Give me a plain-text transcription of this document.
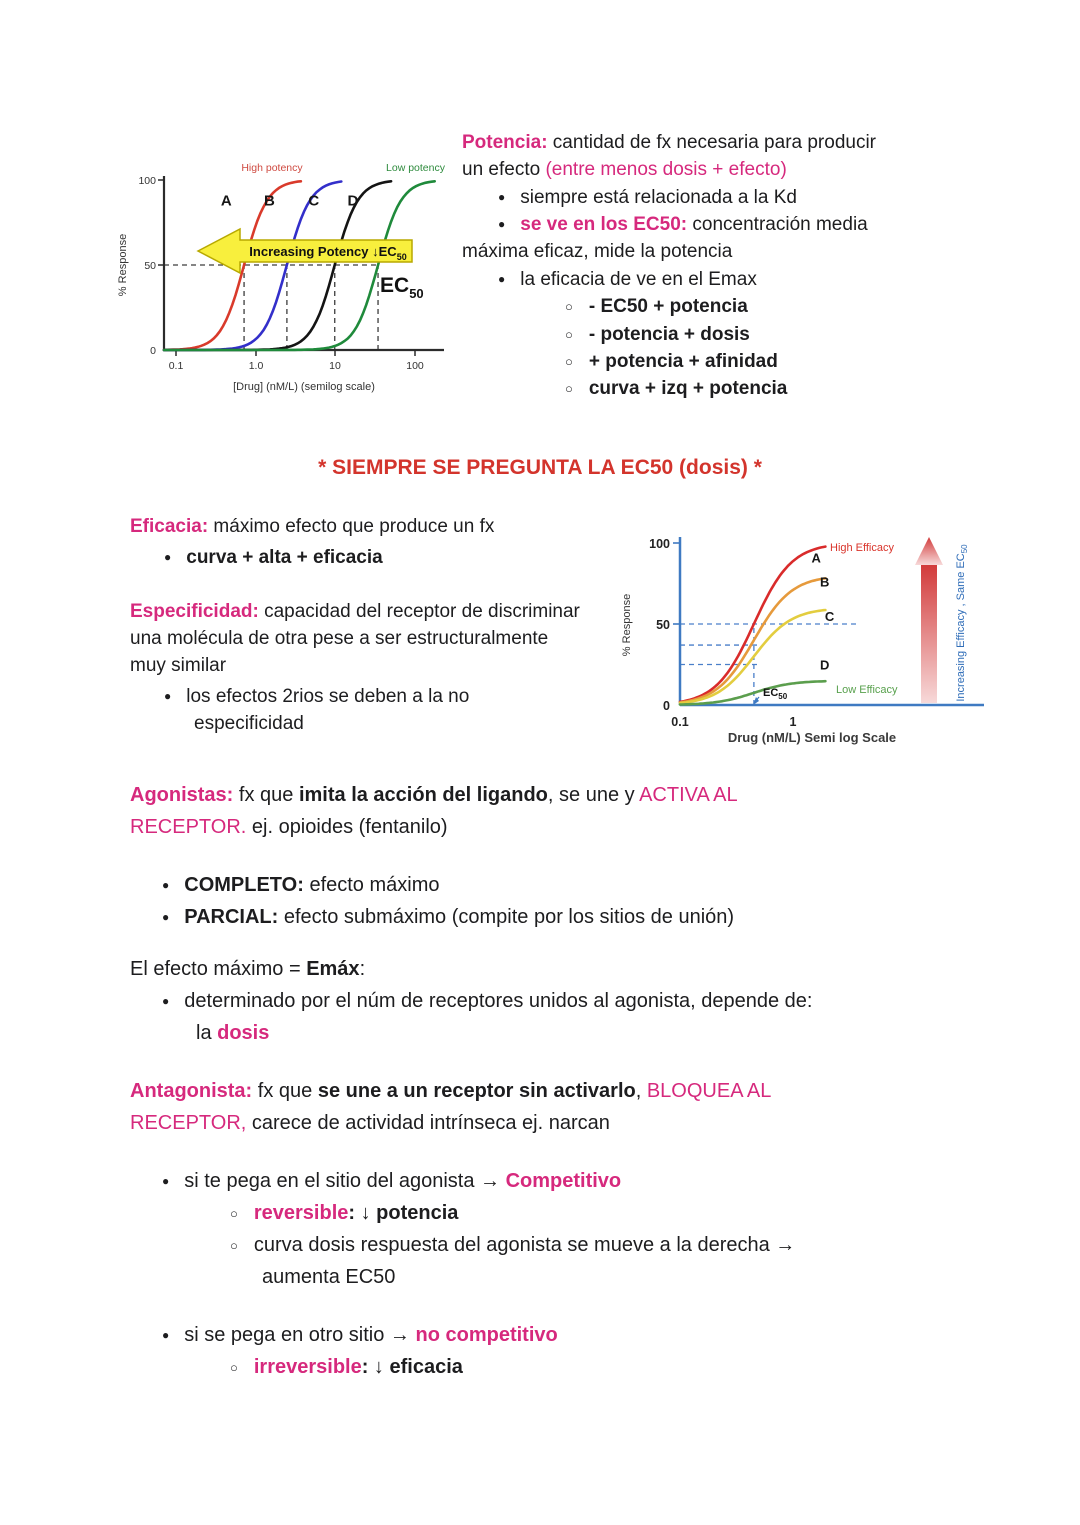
A B C D
Increasing Potency $↓EC_{50}$
100
50
0
0.1	1.0	10	100
% Response
[Drug] (nM/L) (semilog scale)
High potency	Low potency
$EC_{50}$

Potencia: cantidad de fx necesaria para producir un efecto (entre menos dosis + efecto)

● siempre está relacionada a la Kd

● se ve en los EC50: concentración media máxima eficaz, mide la potencia

● la eficacia de ve en el Emax

○ - EC50 + potencia

○ - potencia + dosis

○ + potencia + afinidad

○ curva + izq + potencia

* SIEMPRE SE PREGUNTA LA EC50 (dosis) *

Eficacia: máximo efecto que produce un fx

● curva + alta + eficacia

Especificidad: capacidad del receptor de discriminar una molécula de otra pese a ser estructuralmente muy similar

● los efectos 2rios se deben a la no especificidad

A
B
C
D	Increasing Efficacy , Same $EC_{50}$
100
50
0
0.1	1
% Response
Drug (nM/L) Semi log Scale
High Efficacy
Low Efficacy
EC50

Agonistas: fx que imita la acción del ligando, se une y ACTIVA AL RECEPTOR. ej. opioides (fentanilo)

● COMPLETO: efecto máximo

● PARCIAL: efecto submáximo (compite por los sitios de unión)

El efecto máximo = Emáx:

● determinado por el núm de receptores unidos al agonista, depende de: la dosis

Antagonista: fx que se une a un receptor sin activarlo, BLOQUEA AL RECEPTOR, carece de actividad intrínseca ej. narcan

● si te pega en el sitio del agonista → Competitivo

○ reversible: ↓ potencia

○ curva dosis respuesta del agonista se mueve a la derecha → aumenta EC50

● si se pega en otro sitio → no competitivo

○ irreversible: ↓ eficacia
